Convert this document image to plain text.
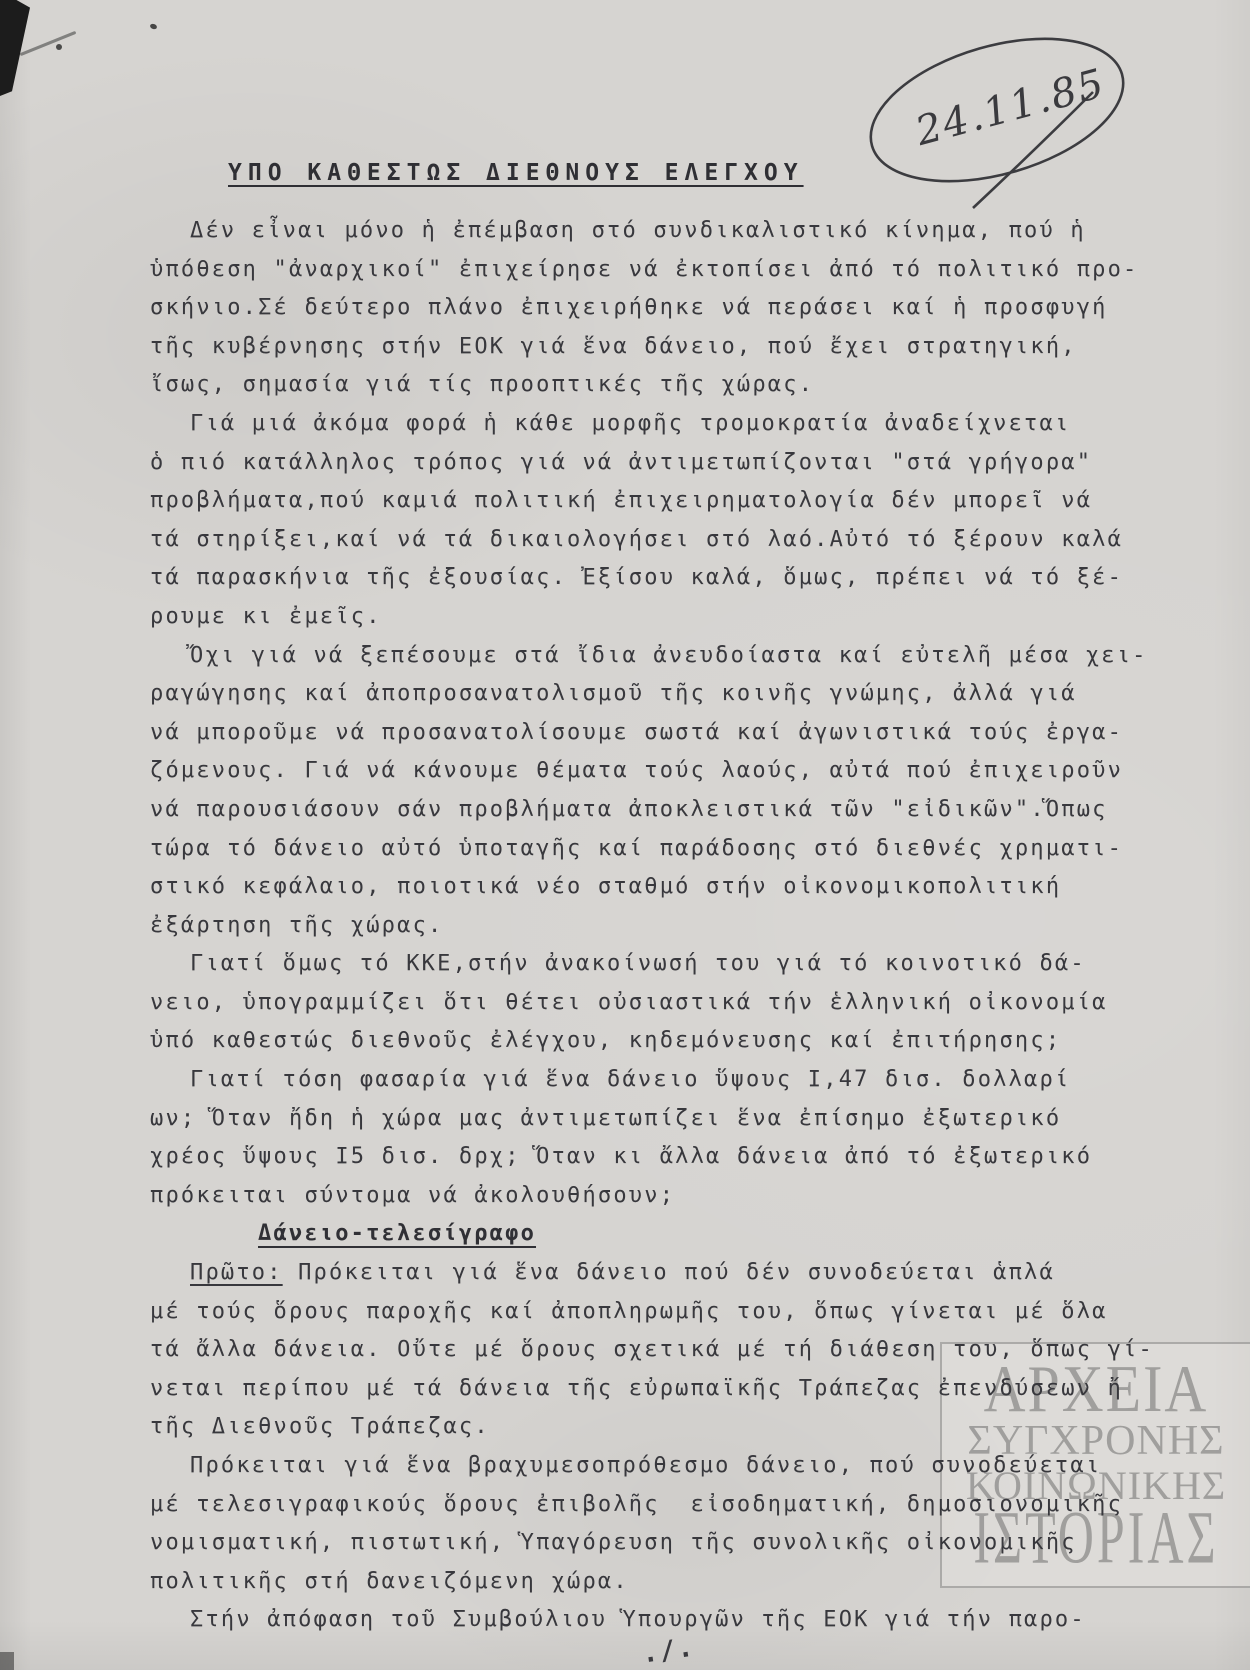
24.11.85
ΥΠΟ ΚΑΘΕΣΤΩΣ ΔΙΕΘΝΟΥΣ ΕΛΕΓΧΟΥ
Δέν εἶναι μόνο ἡ ἐπέμβαση στό συνδικαλιστικό κίνημα, πού ἡ
ὑπόθεση "ἀναρχικοί" ἐπιχείρησε νά ἐκτοπίσει ἀπό τό πολιτικό προ-
σκήνιο.Σέ δεύτερο πλάνο ἐπιχειρήθηκε νά περάσει καί ἡ προσφυγή
τῆς κυβέρνησης στήν ΕΟΚ γιά ἕνα δάνειο, πού ἔχει στρατηγική,
ἴσως, σημασία γιά τίς προοπτικές τῆς χώρας.
Γιά μιά ἀκόμα φορά ἡ κάθε μορφῆς τρομοκρατία ἀναδείχνεται
ὁ πιό κατάλληλος τρόπος γιά νά ἀντιμετωπίζονται "στά γρήγορα"
προβλήματα,πού καμιά πολιτική ἐπιχειρηματολογία δέν μπορεῖ νά
τά στηρίξει,καί νά τά δικαιολογήσει στό λαό.Αὐτό τό ξέρουν καλά
τά παρασκήνια τῆς ἐξουσίας. Ἐξίσου καλά, ὅμως, πρέπει νά τό ξέ-
ρουμε κι ἐμεῖς.
Ὄχι γιά νά ξεπέσουμε στά ἴδια ἀνευδοίαστα καί εὐτελῆ μέσα χει-
ραγώγησης καί ἀποπροσανατολισμοῦ τῆς κοινῆς γνώμης, ἀλλά γιά
νά μποροῦμε νά προσανατολίσουμε σωστά καί ἀγωνιστικά τούς ἐργα-
ζόμενους. Γιά νά κάνουμε θέματα τούς λαούς, αὐτά πού ἐπιχειροῦν
νά παρουσιάσουν σάν προβλήματα ἀποκλειστικά τῶν "εἰδικῶν".Ὅπως
τώρα τό δάνειο αὐτό ὑποταγῆς καί παράδοσης στό διεθνές χρηματι-
στικό κεφάλαιο, ποιοτικά νέο σταθμό στήν οἰκονομικοπολιτική
ἐξάρτηση τῆς χώρας.
Γιατί ὅμως τό ΚΚΕ,στήν ἀνακοίνωσή του γιά τό κοινοτικό δά-
νειο, ὑπογραμμίζει ὅτι θέτει οὐσιαστικά τήν ἑλληνική οἰκονομία
ὑπό καθεστώς διεθνοῦς ἐλέγχου, κηδεμόνευσης καί ἐπιτήρησης;
Γιατί τόση φασαρία γιά ἕνα δάνειο ὕψους Ι,47 δισ. δολλαρί
ων; Ὅταν ἤδη ἡ χώρα μας ἀντιμετωπίζει ἕνα ἐπίσημο ἐξωτερικό
χρέος ὕψους Ι5 δισ. δρχ; Ὅταν κι ἄλλα δάνεια ἀπό τό ἐξωτερικό
πρόκειται σύντομα νά ἀκολουθήσουν;
Δάνειο-τελεσίγραφο
Πρῶτο: Πρόκειται γιά ἕνα δάνειο πού δέν συνοδεύεται ἁπλά
μέ τούς ὅρους παροχῆς καί ἀποπληρωμῆς του, ὅπως γίνεται μέ ὅλα
τά ἄλλα δάνεια. Οὔτε μέ ὅρους σχετικά μέ τή διάθεση του, ὅπως γί-
νεται περίπου μέ τά δάνεια τῆς εὐρωπαϊκῆς Τράπεζας ἐπενδύσεων ἤ
τῆς Διεθνοῦς Τράπεζας.
Πρόκειται γιά ἕνα βραχυμεσοπρόθεσμο δάνειο, πού συνοδεύεται
μέ τελεσιγραφικούς ὅρους ἐπιβολῆς  εἰσοδηματική, δημοσιονομικῆς
νομισματική, πιστωτική, Ὑπαγόρευση τῆς συνολικῆς οἰκονομικῆς
πολιτικῆς στή δανειζόμενη χώρα.
Στήν ἀπόφαση τοῦ Συμβούλιου Ὑπουργῶν τῆς ΕΟΚ γιά τήν παρο-
ΑΡΧΕΙΑ
ΣΥΓΧΡΟΝΗΣ
ΚΟΙΝΩΝΙΚΗΣ
ΙΣΤΟΡΙΑΣ
./.
